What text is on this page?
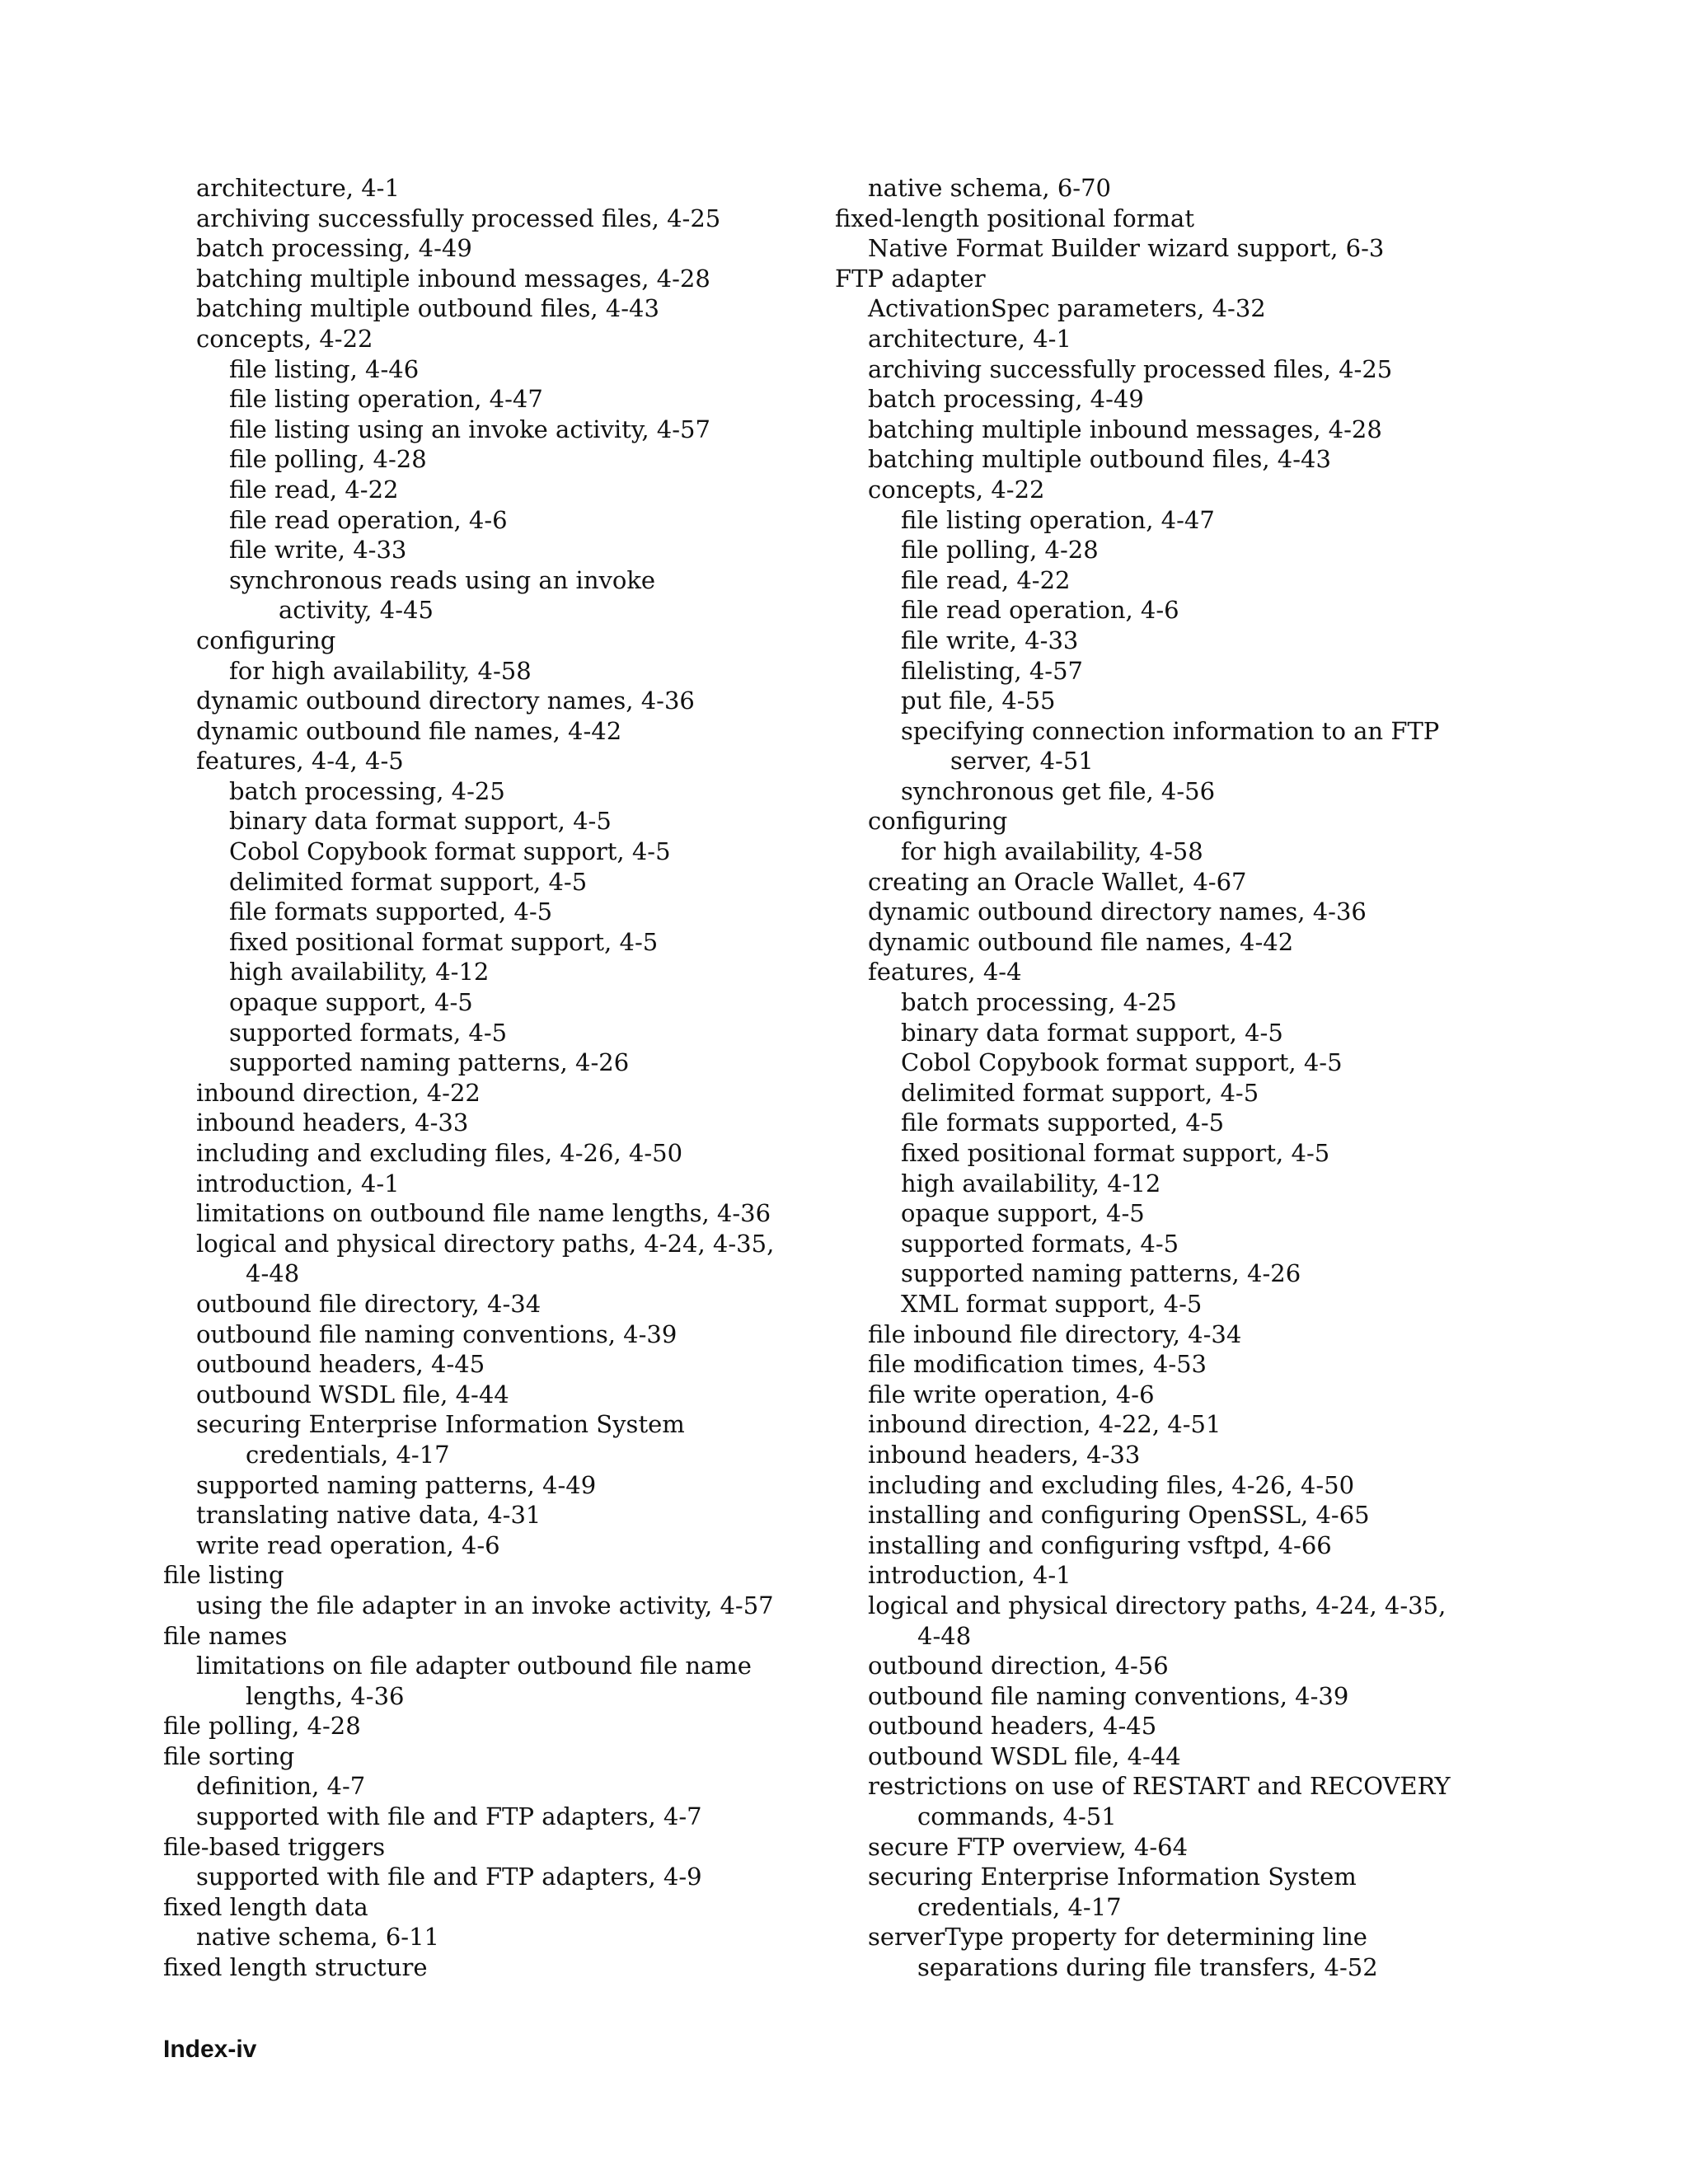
architecture, 4-1
archiving successfully processed files, 4-25
batch processing, 4-49
batching multiple inbound messages, 4-28
batching multiple outbound files, 4-43
concepts, 4-22
file listing, 4-46
file listing operation, 4-47
file listing using an invoke activity, 4-57
file polling, 4-28
file read, 4-22
file read operation, 4-6
file write, 4-33
synchronous reads using an invoke
activity, 4-45
configuring
for high availability, 4-58
dynamic outbound directory names, 4-36
dynamic outbound file names, 4-42
features, 4-4, 4-5
batch processing, 4-25
binary data format support, 4-5
Cobol Copybook format support, 4-5
delimited format support, 4-5
file formats supported, 4-5
fixed positional format support, 4-5
high availability, 4-12
opaque support, 4-5
supported formats, 4-5
supported naming patterns, 4-26
inbound direction, 4-22
inbound headers, 4-33
including and excluding files, 4-26, 4-50
introduction, 4-1
limitations on outbound file name lengths, 4-36
logical and physical directory paths, 4-24, 4-35,
4-48
outbound file directory, 4-34
outbound file naming conventions, 4-39
outbound headers, 4-45
outbound WSDL file, 4-44
securing Enterprise Information System
credentials, 4-17
supported naming patterns, 4-49
translating native data, 4-31
write read operation, 4-6
file listing
using the file adapter in an invoke activity, 4-57
file names
limitations on file adapter outbound file name
lengths, 4-36
file polling, 4-28
file sorting
definition, 4-7
supported with file and FTP adapters, 4-7
file-based triggers
supported with file and FTP adapters, 4-9
fixed length data
native schema, 6-11
fixed length structure
native schema, 6-70
fixed-length positional format
Native Format Builder wizard support, 6-3
FTP adapter
ActivationSpec parameters, 4-32
architecture, 4-1
archiving successfully processed files, 4-25
batch processing, 4-49
batching multiple inbound messages, 4-28
batching multiple outbound files, 4-43
concepts, 4-22
file listing operation, 4-47
file polling, 4-28
file read, 4-22
file read operation, 4-6
file write, 4-33
filelisting, 4-57
put file, 4-55
specifying connection information to an FTP
server, 4-51
synchronous get file, 4-56
configuring
for high availability, 4-58
creating an Oracle Wallet, 4-67
dynamic outbound directory names, 4-36
dynamic outbound file names, 4-42
features, 4-4
batch processing, 4-25
binary data format support, 4-5
Cobol Copybook format support, 4-5
delimited format support, 4-5
file formats supported, 4-5
fixed positional format support, 4-5
high availability, 4-12
opaque support, 4-5
supported formats, 4-5
supported naming patterns, 4-26
XML format support, 4-5
file inbound file directory, 4-34
file modification times, 4-53
file write operation, 4-6
inbound direction, 4-22, 4-51
inbound headers, 4-33
including and excluding files, 4-26, 4-50
installing and configuring OpenSSL, 4-65
installing and configuring vsftpd, 4-66
introduction, 4-1
logical and physical directory paths, 4-24, 4-35,
4-48
outbound direction, 4-56
outbound file naming conventions, 4-39
outbound headers, 4-45
outbound WSDL file, 4-44
restrictions on use of RESTART and RECOVERY
commands, 4-51
secure FTP overview, 4-64
securing Enterprise Information System
credentials, 4-17
serverType property for determining line
separations during file transfers, 4-52
Index-iv
